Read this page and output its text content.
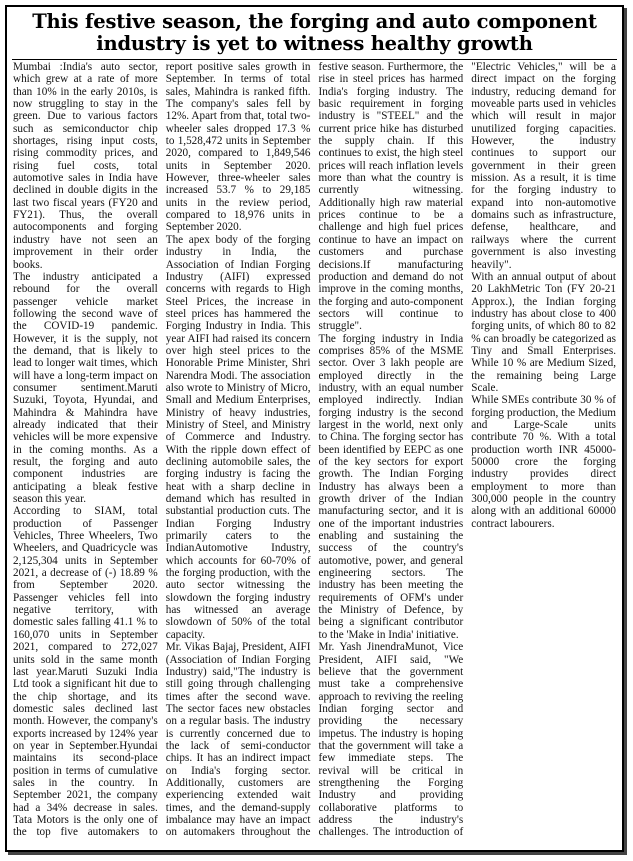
This festive season, the forging and auto component industry is yet to witness healthy growth

Mumbai :India's auto sector, which grew at a rate of more than 10% in the early 2010s, is now struggling to stay in the green. Due to various factors such as semiconductor chip shortages, rising input costs, rising commodity prices, and rising fuel costs, total automotive sales in India have declined in double digits in the last two fiscal years (FY20 and FY21). Thus, the overall autocomponents and forging industry have not seen an improvement in their order books.

The industry anticipated a rebound for the overall passenger vehicle market following the second wave of the COVID-19 pandemic. However, it is the supply, not the demand, that is likely to lead to longer wait times, which will have a long-term impact on consumer sentiment.Maruti Suzuki, Toyota, Hyundai, and Mahindra & Mahindra have already indicated that their vehicles will be more expensive in the coming months. As a result, the forging and auto component industries are anticipating a bleak festive season this year.

According to SIAM, total production of Passenger Vehicles, Three Wheelers, Two Wheelers, and Quadricycle was 2,125,304 units in September 2021, a decrease of (-) 18.89 % from September 2020. Passenger vehicles fell into negative territory, with domestic sales falling 41.1 % to 160,070 units in September 2021, compared to 272,027 units sold in the same month last year.Maruti Suzuki India Ltd took a significant hit due to the chip shortage, and its domestic sales declined last month. However, the company's exports increased by 124% year on year in September.Hyundai maintains its second-place position in terms of cumulative sales in the country. In September 2021, the company had a 34% decrease in sales. Tata Motors is the only one of the top five automakers to report positive sales growth in September. In terms of total sales, Mahindra is ranked fifth. The company's sales fell by 12%. Apart from that, total two-wheeler sales dropped 17.3 % to 1,528,472 units in September 2020, compared to 1,849,546 units in September 2020. However, three-wheeler sales increased 53.7 % to 29,185 units in the review period, compared to 18,976 units in September 2020.

The apex body of the forging industry in India, the Association of Indian Forging Industry (AIFI) expressed concerns with regards to High Steel Prices, the increase in steel prices has hammered the Forging Industry in India. This year AIFI had raised its concern over high steel prices to the Honorable Prime Minister, Shri Narendra Modi. The association also wrote to Ministry of Micro, Small and Medium Enterprises, Ministry of heavy industries, Ministry of Steel, and Ministry of Commerce and Industry. With the ripple down effect of declining automobile sales, the forging industry is facing the heat with a sharp decline in demand which has resulted in substantial production cuts. The Indian Forging Industry primarily caters to the IndianAutomotive Industry, which accounts for 60-70% of the forging production, with the auto sector witnessing the slowdown the forging industry has witnessed an average slowdown of 50% of the total capacity.

Mr. Vikas Bajaj, President, AIFI (Association of Indian Forging Industry) said,"The industry is still going through challenging times after the second wave. The sector faces new obstacles on a regular basis. The industry is currently concerned due to the lack of semi-conductor chips. It has an indirect impact on India's forging sector. Additionally, customers are experiencing extended wait times, and the demand-supply imbalance may have an impact on automakers throughout the festive season. Furthermore, the rise in steel prices has harmed India's forging industry. The basic requirement in forging industry is "STEEL" and the current price hike has disturbed the supply chain. If this continues to exist, the high steel prices will reach inflation levels more than what the country is currently witnessing. Additionally high raw material prices continue to be a challenge and high fuel prices continue to have an impact on customers and purchase decisions.If manufacturing production and demand do not improve in the coming months, the forging and auto-component sectors will continue to struggle".

The forging industry in India comprises 85% of the MSME sector. Over 3 lakh people are employed directly in the industry, with an equal number employed indirectly. Indian forging industry is the second largest in the world, next only to China. The forging sector has been identified by EEPC as one of the key sectors for export growth. The Indian Forging Industry has always been a growth driver of the Indian manufacturing sector, and it is one of the important industries enabling and sustaining the success of the country's automotive, power, and general engineering sectors. The industry has been meeting the requirements of OFM's under the Ministry of Defence, by being a significant contributor to the 'Make in India' initiative.

Mr. Yash JinendraMunot, Vice President, AIFI said, "We believe that the government must take a comprehensive approach to reviving the reeling Indian forging sector and providing the necessary impetus. The industry is hoping that the government will take a few immediate steps. The revival will be critical in strengthening the Forging Industry and providing collaborative platforms to address the industry's challenges. The introduction of "Electric Vehicles," will be a direct impact on the forging industry, reducing demand for moveable parts used in vehicles which will result in major unutilized forging capacities. However, the industry continues to support our government in their green mission. As a result, it is time for the forging industry to expand into non-automotive domains such as infrastructure, defense, healthcare, and railways where the current government is also investing heavily".

With an annual output of about 20 LakhMetric Ton (FY 20-21 Approx.), the Indian forging industry has about close to 400 forging units, of which 80 to 82 % can broadly be categorized as Tiny and Small Enterprises. While 10 % are Medium Sized, the remaining being Large Scale.

While SMEs contribute 30 % of forging production, the Medium and Large-Scale units contribute 70 %. With a total production worth INR 45000-50000 crore the forging industry provides direct employment to more than 300,000 people in the country along with an additional 60000 contract labourers.
